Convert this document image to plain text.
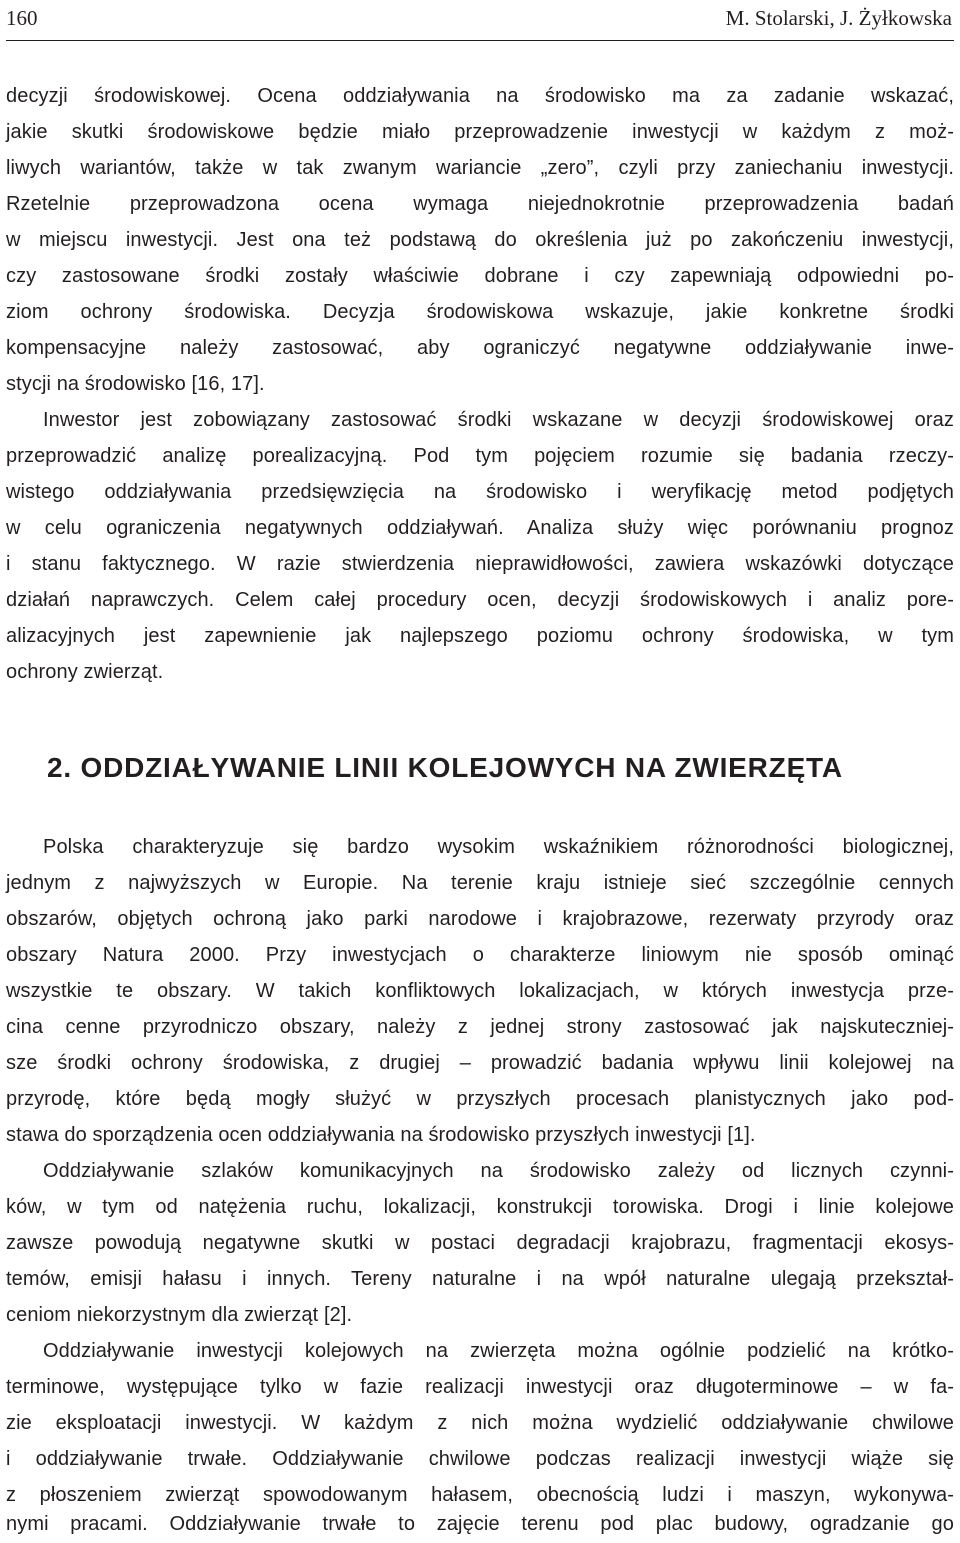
160	M. Stolarski, J. Żyłkowska
decyzji środowiskowej. Ocena oddziaływania na środowisko ma za zadanie wskazać,
jakie skutki środowiskowe będzie miało przeprowadzenie inwestycji w każdym z moż-
liwych wariantów, także w tak zwanym wariancie „zero”, czyli przy zaniechaniu inwestycji.
Rzetelnie przeprowadzona ocena wymaga niejednokrotnie przeprowadzenia badań
w miejscu inwestycji. Jest ona też podstawą do określenia już po zakończeniu inwestycji,
czy zastosowane środki zostały właściwie dobrane i czy zapewniają odpowiedni po-
ziom ochrony środowiska. Decyzja środowiskowa wskazuje, jakie konkretne środki
kompensacyjne należy zastosować, aby ograniczyć negatywne oddziaływanie inwe-
stycji na środowisko [16, 17].
Inwestor jest zobowiązany zastosować środki wskazane w decyzji środowiskowej oraz
przeprowadzić analizę porealizacyjną. Pod tym pojęciem rozumie się badania rzeczy-
wistego oddziaływania przedsięwzięcia na środowisko i weryfikację metod podjętych
w celu ograniczenia negatywnych oddziaływań. Analiza służy więc porównaniu prognoz
i stanu faktycznego. W razie stwierdzenia nieprawidłowości, zawiera wskazówki dotyczące
działań naprawczych. Celem całej procedury ocen, decyzji środowiskowych i analiz pore-
alizacyjnych jest zapewnienie jak najlepszego poziomu ochrony środowiska, w tym
ochrony zwierząt.
2. ODDZIAŁYWANIE LINII KOLEJOWYCH NA ZWIERZĘTA
Polska charakteryzuje się bardzo wysokim wskaźnikiem różnorodności biologicznej,
jednym z najwyższych w Europie. Na terenie kraju istnieje sieć szczególnie cennych
obszarów, objętych ochroną jako parki narodowe i krajobrazowe, rezerwaty przyrody oraz
obszary Natura 2000. Przy inwestycjach o charakterze liniowym nie sposób ominąć
wszystkie te obszary. W takich konfliktowych lokalizacjach, w których inwestycja prze-
cina cenne przyrodniczo obszary, należy z jednej strony zastosować jak najskuteczniej-
sze środki ochrony środowiska, z drugiej – prowadzić badania wpływu linii kolejowej na
przyrodę, które będą mogły służyć w przyszłych procesach planistycznych jako pod-
stawa do sporządzenia ocen oddziaływania na środowisko przyszłych inwestycji [1].
Oddziaływanie szlaków komunikacyjnych na środowisko zależy od licznych czynni-
ków, w tym od natężenia ruchu, lokalizacji, konstrukcji torowiska. Drogi i linie kolejowe
zawsze powodują negatywne skutki w postaci degradacji krajobrazu, fragmentacji ekosys-
temów, emisji hałasu i innych. Tereny naturalne i na wpół naturalne ulegają przekształ-
ceniom niekorzystnym dla zwierząt [2].
Oddziaływanie inwestycji kolejowych na zwierzęta można ogólnie podzielić na krótko-
terminowe, występujące tylko w fazie realizacji inwestycji oraz długoterminowe – w fa-
zie eksploatacji inwestycji. W każdym z nich można wydzielić oddziaływanie chwilowe
i oddziaływanie trwałe. Oddziaływanie chwilowe podczas realizacji inwestycji wiąże się
z płoszeniem zwierząt spowodowanym hałasem, obecnością ludzi i maszyn, wykonywa-
nymi pracami. Oddziaływanie trwałe to zajęcie terenu pod plac budowy, ogradzanie go
